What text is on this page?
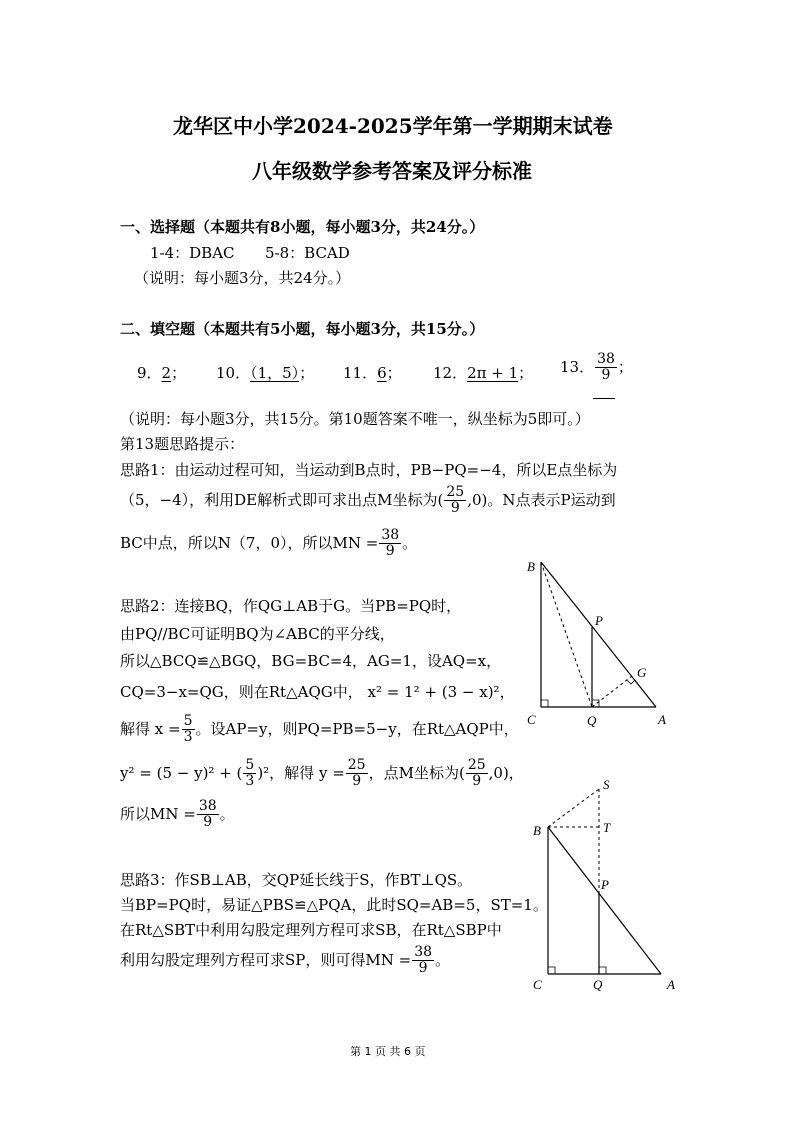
龙华区中小学2024-2025学年第一学期期末试卷
八年级数学参考答案及评分标准
一、选择题（本题共有8小题，每小题3分，共24分。）
1-4：DBAC 5-8：BCAD
（说明：每小题3分，共24分。）
二、填空题（本题共有5小题，每小题3分，共15分。）
9．2； 10．（1，5）； 11．6； 12．2π + 1； 13． $\frac{38}{9}$ ；
（说明：每小题3分，共15分。第10题答案不唯一，纵坐标为5即可。）
第13题思路提示：
思路1：由运动过程可知，当运动到B点时，PB−PQ=−4，所以E点坐标为
（5，−4），利用DE解析式即可求出点M坐标为( $\frac{25}{9} ,0$)。N点表示P运动到
BC中点，所以N（7，0），所以MN = $\frac{38}{9}$ 。
思路2：连接BQ，作QG⊥AB于G。当PB=PQ时，
由PQ//BC可证明BQ为∠ABC的平分线，
所以△BCQ≌△BGQ，BG=BC=4，AG=1，设AQ=x，
CQ=3−x=QG，则在Rt△AQG中， x² = 1² + (3 − x)²，
解得 $x = \frac{5}{3}$ 。设AP=y，则PQ=PB=5−y，在Rt△AQP中，
y² = (5 − y)² + ( $\frac{5}{3} )^2$，解得 $y = \frac{25}{9}$ ，点M坐标为( $\frac{25}{9} ,0$)，
所以MN = $\frac{38}{9}$ 。
思路3：作SB⊥AB，交QP延长线于S，作BT⊥QS。
当BP=PQ时，易证△PBS≌△PQA，此时SQ=AB=5，ST=1。
在Rt△SBT中利用勾股定理列方程可求SB，在Rt△SBP中
利用勾股定理列方程可求SP，则可得MN = $\frac{38}{9}$ 。
B
P
G
C	Q	A
S
B	T
P
C	Q	A
第 1 页 共 6 页
